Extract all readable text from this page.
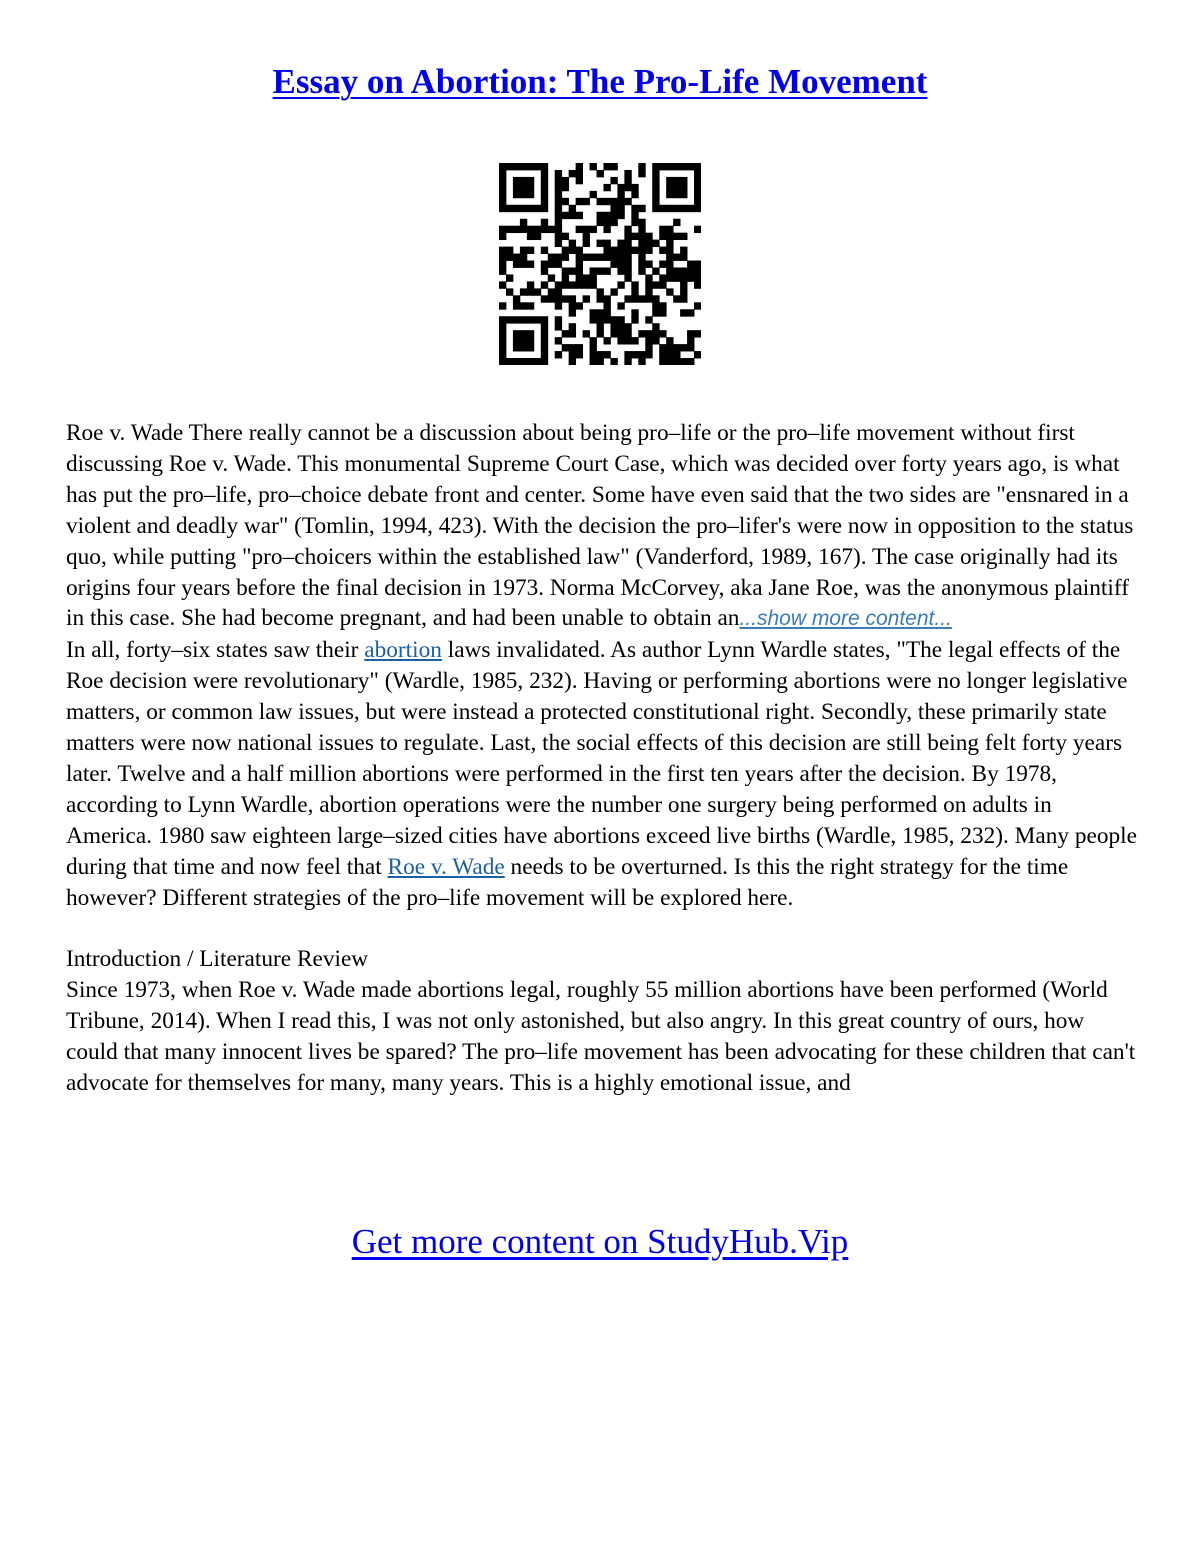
Essay on Abortion: The Pro-Life Movement

Roe v. Wade There really cannot be a discussion about being pro–life or the pro–life movement without first discussing Roe v. Wade. This monumental Supreme Court Case, which was decided over forty years ago, is what has put the pro–life, pro–choice debate front and center. Some have even said that the two sides are "ensnared in a violent and deadly war" (Tomlin, 1994, 423). With the decision the pro–lifer's were now in opposition to the status quo, while putting "pro–choicers within the established law" (Vanderford, 1989, 167). The case originally had its origins four years before the final decision in 1973. Norma McCorvey, aka Jane Roe, was the anonymous plaintiff in this case. She had become pregnant, and had been unable to obtain an...show more content...

In all, forty–six states saw their abortion laws invalidated. As author Lynn Wardle states, "The legal effects of the Roe decision were revolutionary" (Wardle, 1985, 232). Having or performing abortions were no longer legislative matters, or common law issues, but were instead a protected constitutional right. Secondly, these primarily state matters were now national issues to regulate. Last, the social effects of this decision are still being felt forty years later. Twelve and a half million abortions were performed in the first ten years after the decision. By 1978, according to Lynn Wardle, abortion operations were the number one surgery being performed on adults in America. 1980 saw eighteen large–sized cities have abortions exceed live births (Wardle, 1985, 232). Many people during that time and now feel that Roe v. Wade needs to be overturned. Is this the right strategy for the time however? Different strategies of the pro–life movement will be explored here.

Introduction / Literature Review

Since 1973, when Roe v. Wade made abortions legal, roughly 55 million abortions have been performed (World Tribune, 2014). When I read this, I was not only astonished, but also angry. In this great country of ours, how could that many innocent lives be spared? The pro–life movement has been advocating for these children that can't advocate for themselves for many, many years. This is a highly emotional issue, and

Get more content on StudyHub.Vip
